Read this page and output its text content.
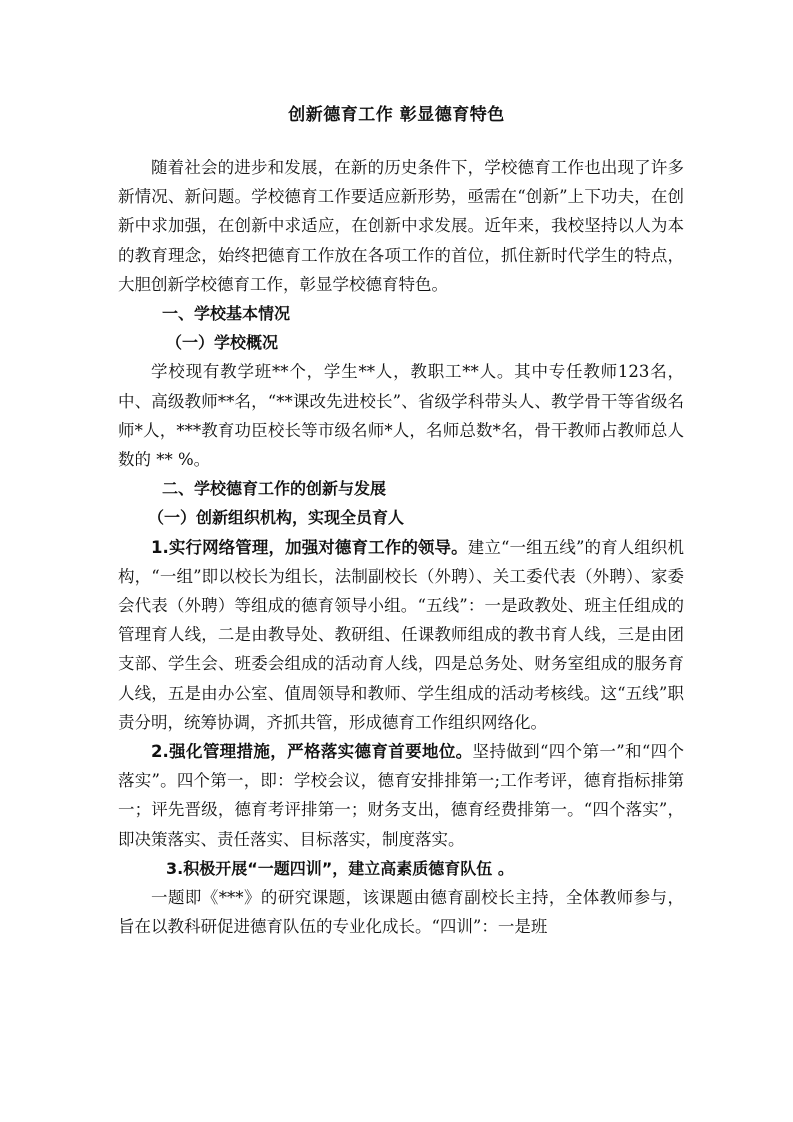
创新德育工作 彰显德育特色

随着社会的进步和发展，在新的历史条件下，学校德育工作也出现了许多新情况、新问题。学校德育工作要适应新形势，亟需在“创新”上下功夫，在创新中求加强，在创新中求适应，在创新中求发展。近年来，我校坚持以人为本的教育理念，始终把德育工作放在各项工作的首位，抓住新时代学生的特点，大胆创新学校德育工作，彰显学校德育特色。

一、学校基本情况

（一）学校概况

学校现有教学班**个，学生**人，教职工**人。其中专任教师123名，中、高级教师**名，“**课改先进校长”、省级学科带头人、教学骨干等省级名师*人，***教育功臣校长等市级名师*人，名师总数*名，骨干教师占教师总人数的 ** %。

二、学校德育工作的创新与发展

（一）创新组织机构，实现全员育人

1.实行网络管理，加强对德育工作的领导。建立“一组五线”的育人组织机构，“一组”即以校长为组长，法制副校长（外聘）、关工委代表（外聘）、家委会代表（外聘）等组成的德育领导小组。“五线”：一是政教处、班主任组成的管理育人线，二是由教导处、教研组、任课教师组成的教书育人线，三是由团支部、学生会、班委会组成的活动育人线，四是总务处、财务室组成的服务育人线，五是由办公室、值周领导和教师、学生组成的活动考核线。这“五线”职责分明，统筹协调，齐抓共管，形成德育工作组织网络化。

2.强化管理措施，严格落实德育首要地位。坚持做到“四个第一”和“四个落实”。四个第一，即：学校会议，德育安排排第一;工作考评，德育指标排第一；评先晋级，德育考评排第一；财务支出，德育经费排第一。“四个落实”，即决策落实、责任落实、目标落实，制度落实。

3.积极开展“一题四训”，建立高素质德育队伍 。

一题即《***》的研究课题，该课题由德育副校长主持，全体教师参与，旨在以教科研促进德育队伍的专业化成长。“四训”：一是班
